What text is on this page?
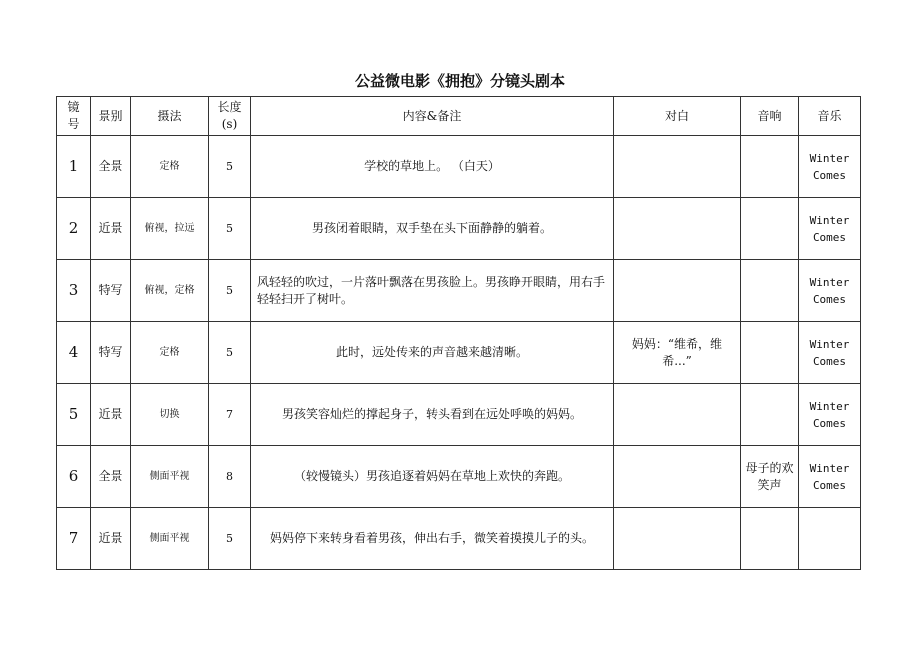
公益微电影《拥抱》分镜头剧本
镜
号	景别	摄法	长度
(s)	内容&备注	对白	音响	音乐
1	全景	定格	5	学校的草地上。 （白天）			Winter
Comes

2	近景	俯视，拉远	5	男孩闭着眼睛，双手垫在头下面静静的躺着。			Winter
Comes

3	特写	俯视，定格	5	风轻轻的吹过，一片落叶飘落在男孩脸上。男孩睁开眼睛，用右手轻轻扫开了树叶。			Winter
Comes

4	特写	定格	5	此时，远处传来的声音越来越清晰。	妈妈：“维希，维希...”		Winter
Comes

5	近景	切换	7	男孩笑容灿烂的撑起身子，转头看到在远处呼唤的妈妈。			Winter
Comes

6	全景	侧面平视	8	（较慢镜头）男孩追逐着妈妈在草地上欢快的奔跑。		母子的欢笑声	Winter
Comes

7	近景	侧面平视	5	妈妈停下来转身看着男孩，伸出右手，微笑着摸摸儿子的头。			
